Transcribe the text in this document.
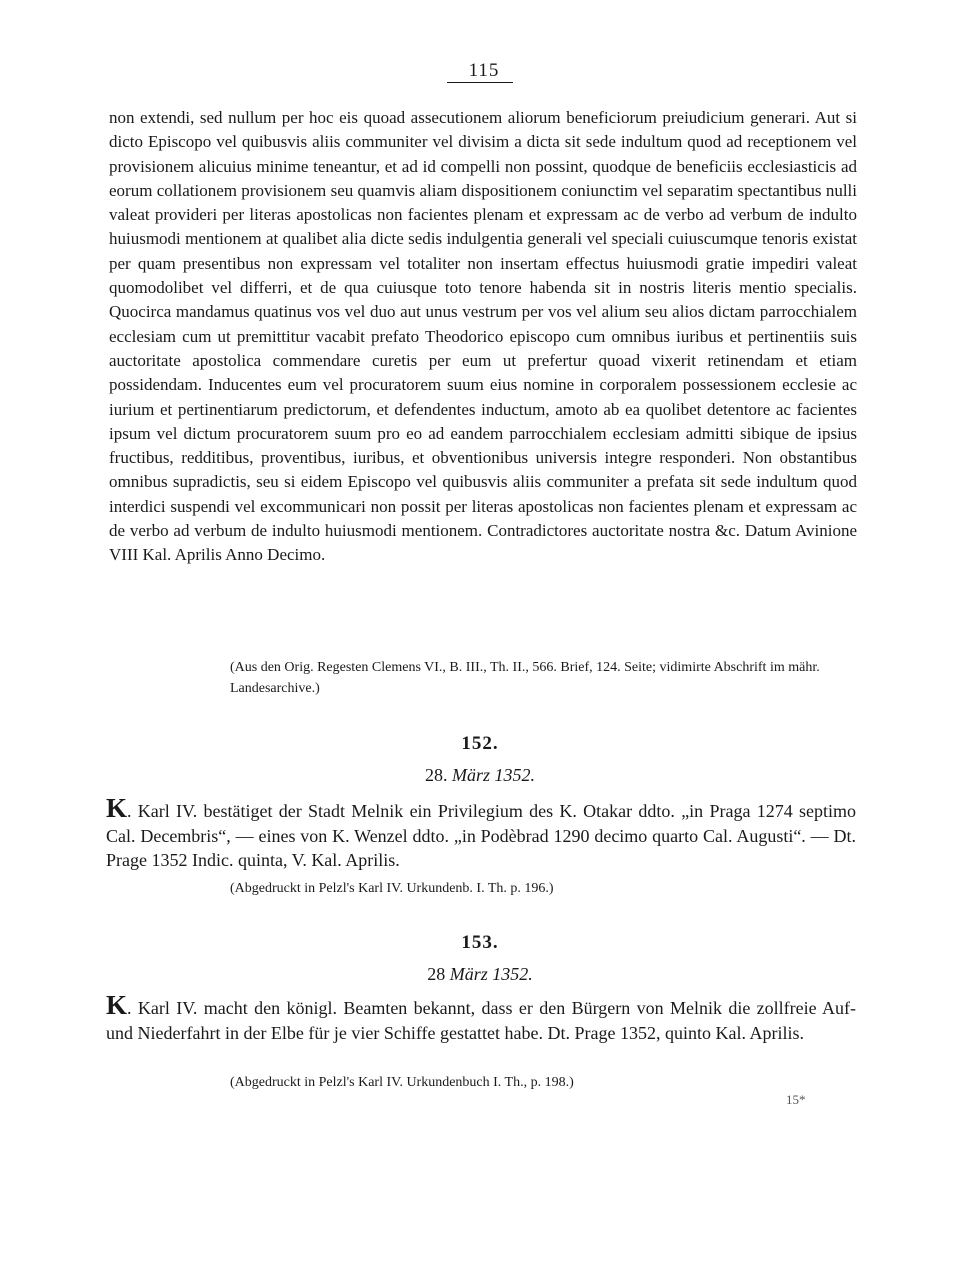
115
non extendi, sed nullum per hoc eis quoad assecutionem aliorum beneficiorum preiudicium generari. Aut si dicto Episcopo vel quibusvis aliis communiter vel divisim a dicta sit sede indultum quod ad receptionem vel provisionem alicuius minime teneantur, et ad id compelli non possint, quodque de beneficiis ecclesiasticis ad eorum collationem provisionem seu quamvis aliam dispositionem coniunctim vel separatim spectantibus nulli valeat provideri per literas apostolicas non facientes plenam et expressam ac de verbo ad verbum de indulto huiusmodi mentionem at qualibet alia dicte sedis indulgentia generali vel speciali cuiuscumque tenoris existat per quam presentibus non expressam vel totaliter non insertam effectus huiusmodi gratie impediri valeat quomodolibet vel differri, et de qua cuiusque toto tenore habenda sit in nostris literis mentio specialis. Quocirca mandamus quatinus vos vel duo aut unus vestrum per vos vel alium seu alios dictam parrocchialem ecclesiam cum ut premittitur vacabit prefato Theodorico episcopo cum omnibus iuribus et pertinentiis suis auctoritate apostolica commendare curetis per eum ut prefertur quoad vixerit retinendam et etiam possidendam. Inducentes eum vel procuratorem suum eius nomine in corporalem possessionem ecclesie ac iurium et pertinentiarum predictorum, et defendentes inductum, amoto ab ea quolibet detentore ac facientes ipsum vel dictum procuratorem suum pro eo ad eandem parrocchialem ecclesiam admitti sibique de ipsius fructibus, redditibus, proventibus, iuribus, et obventionibus universis integre responderi. Non obstantibus omnibus supradictis, seu si eidem Episcopo vel quibusvis aliis communiter a prefata sit sede indultum quod interdici suspendi vel excommunicari non possit per literas apostolicas non facientes plenam et expressam ac de verbo ad verbum de indulto huiusmodi mentionem. Contradictores auctoritate nostra &c. Datum Avinione VIII Kal. Aprilis Anno Decimo.
(Aus den Orig. Regesten Clemens VI., B. III., Th. II., 566. Brief, 124. Seite; vidimirte Abschrift im mähr. Landesarchive.)
152.
28. März 1352.
K. Karl IV. bestätiget der Stadt Melnik ein Privilegium des K. Otakar ddto. „in Praga 1274 septimo Cal. Decembris“, — eines von K. Wenzel ddto. „in Podèbrad 1290 decimo quarto Cal. Augusti“. — Dt. Prage 1352 Indic. quinta, V. Kal. Aprilis.
(Abgedruckt in Pelzl's Karl IV. Urkundenb. I. Th. p. 196.)
153.
28 März 1352.
K. Karl IV. macht den königl. Beamten bekannt, dass er den Bürgern von Melnik die zollfreie Auf- und Niederfahrt in der Elbe für je vier Schiffe gestattet habe. Dt. Prage 1352, quinto Kal. Aprilis.
(Abgedruckt in Pelzl's Karl IV. Urkundenbuch I. Th., p. 198.)
15*
